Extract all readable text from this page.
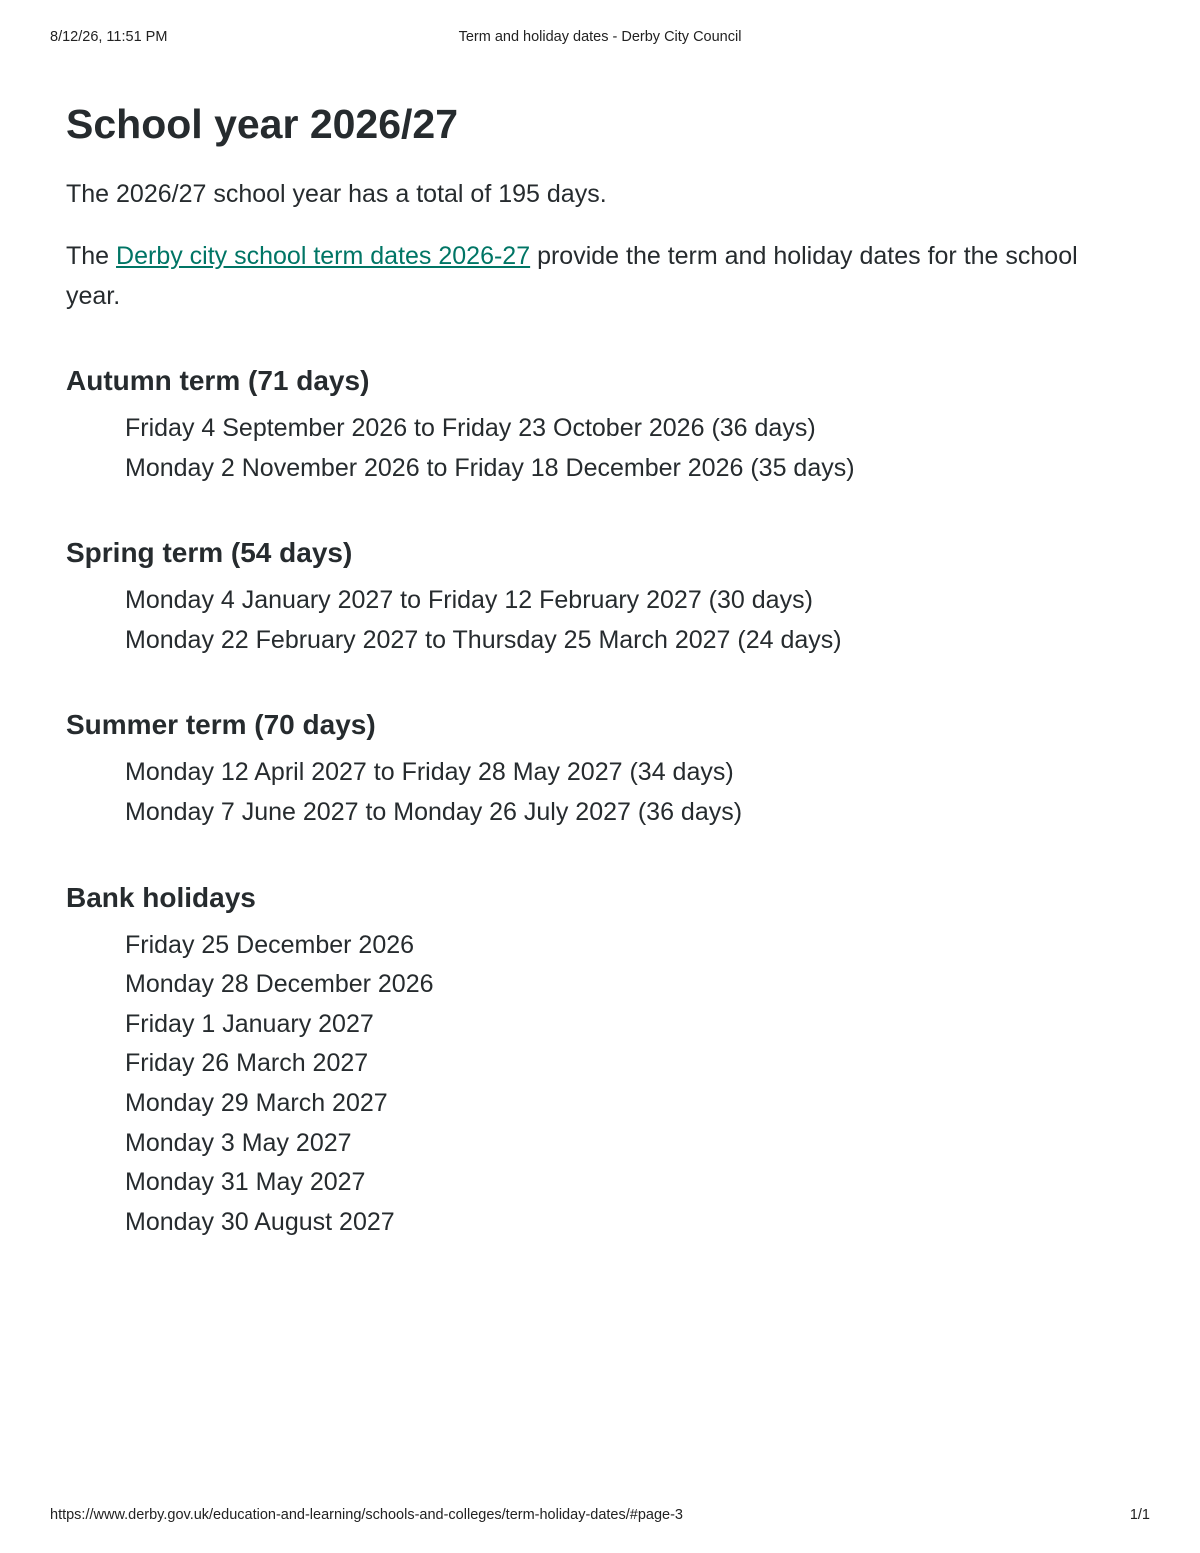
8/12/26, 11:51 PM	Term and holiday dates - Derby City Council
School year 2026/27

The 2026/27 school year has a total of 195 days.

The Derby city school term dates 2026-27 provide the term and holiday dates for the school year.

Autumn term (71 days)
Friday 4 September 2026 to Friday 23 October 2026 (36 days)
Monday 2 November 2026 to Friday 18 December 2026 (35 days)
Spring term (54 days)
Monday 4 January 2027 to Friday 12 February 2027 (30 days)
Monday 22 February 2027 to Thursday 25 March 2027 (24 days)
Summer term (70 days)
Monday 12 April 2027 to Friday 28 May 2027 (34 days)
Monday 7 June 2027 to Monday 26 July 2027 (36 days)
Bank holidays
Friday 25 December 2026
Monday 28 December 2026
Friday 1 January 2027
Friday 26 March 2027
Monday 29 March 2027
Monday 3 May 2027
Monday 31 May 2027
Monday 30 August 2027
https://www.derby.gov.uk/education-and-learning/schools-and-colleges/term-holiday-dates/#page-3	1/1
